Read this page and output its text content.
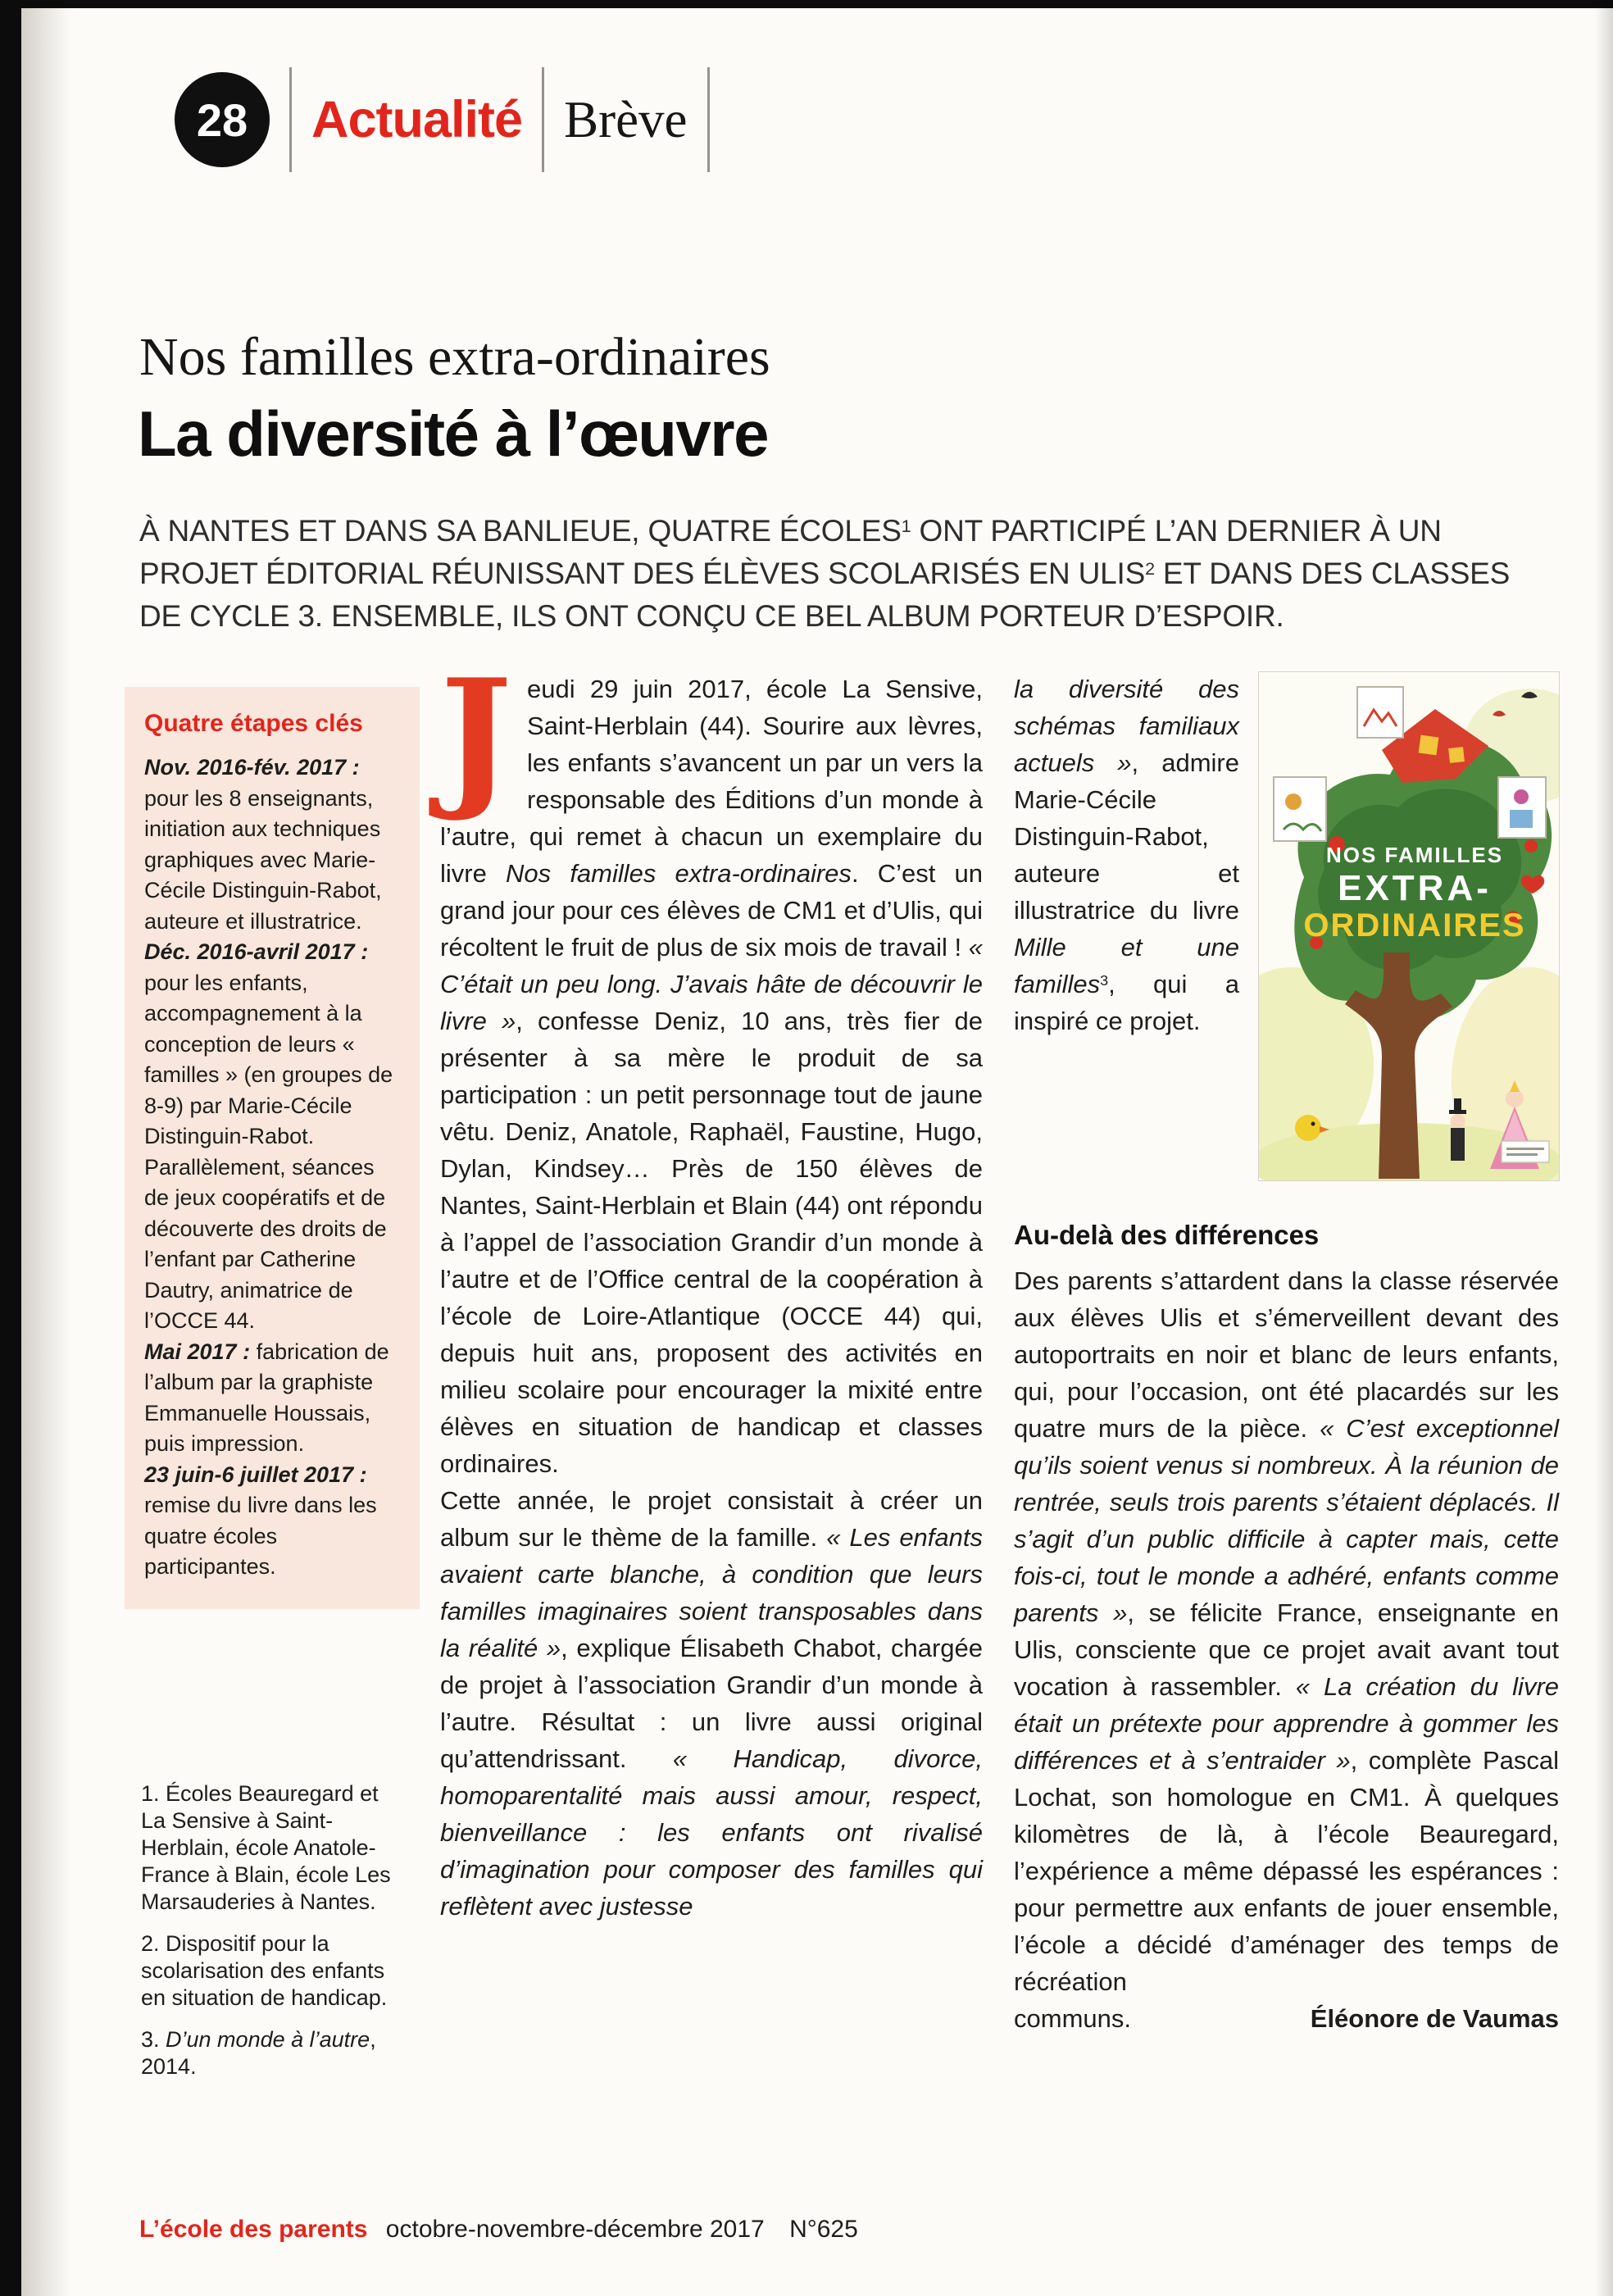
28 Actualité Brève
Nos familles extra-ordinaires
La diversité à l’œuvre

À NANTES ET DANS SA BANLIEUE, QUATRE ÉCOLES$^1$ ONT PARTICIPÉ L’AN DERNIER À UN PROJET ÉDITORIAL RÉUNISSANT DES ÉLÈVES SCOLARISÉS EN ULIS$^2$ ET DANS DES CLASSES DE CYCLE 3. ENSEMBLE, ILS ONT CONÇU CE BEL ALBUM PORTEUR D’ESPOIR.

Quatre étapes clés

Nov. 2016-fév. 2017 : pour les 8 enseignants, initiation aux techniques graphiques avec Marie-Cécile Distinguin-Rabot, auteure et illustratrice.

Déc. 2016-avril 2017 : pour les enfants, accompagnement à la conception de leurs « familles » (en groupes de 8-9) par Marie-Cécile Distinguin-Rabot. Parallèlement, séances de jeux coopératifs et de découverte des droits de l’enfant par Catherine Dautry, animatrice de l’OCCE 44.

Mai 2017 : fabrication de l’album par la graphiste Emmanuelle Houssais, puis impression.

23 juin-6 juillet 2017 : remise du livre dans les quatre écoles participantes.

1. Écoles Beauregard et La Sensive à Saint-Herblain, école Anatole-France à Blain, école Les Marsauderies à Nantes.

2. Dispositif pour la scolarisation des enfants en situation de handicap.

3. D’un monde à l’autre, 2014.

J eudi 29 juin 2017, école La Sensive, Saint-Herblain (44). Sourire aux lèvres, les enfants s’avancent un par un vers la responsable des Éditions d’un monde à l’autre, qui remet à chacun un exemplaire du livre Nos familles extra-ordinaires. C’est un grand jour pour ces élèves de CM1 et d’Ulis, qui récoltent le fruit de plus de six mois de travail ! « C’était un peu long. J’avais hâte de découvrir le livre », confesse Deniz, 10 ans, très fier de présenter à sa mère le produit de sa participation : un petit personnage tout de jaune vêtu. Deniz, Anatole, Raphaël, Faustine, Hugo, Dylan, Kindsey… Près de 150 élèves de Nantes, Saint-Herblain et Blain (44) ont répondu à l’appel de l’association Grandir d’un monde à l’autre et de l’Office central de la coopération à l’école de Loire-Atlantique (OCCE 44) qui, depuis huit ans, proposent des activités en milieu scolaire pour encourager la mixité entre élèves en situation de handicap et classes ordinaires.

Cette année, le projet consistait à créer un album sur le thème de la famille. « Les enfants avaient carte blanche, à condition que leurs familles imaginaires soient transposables dans la réalité », explique Élisabeth Chabot, chargée de projet à l’association Grandir d’un monde à l’autre. Résultat : un livre aussi original qu’attendrissant. « Handicap, divorce, homoparentalité mais aussi amour, respect, bienveillance : les enfants ont rivalisé d’imagination pour composer des familles qui reflètent avec justesse

NOS FAMILLES
EXTRA-
ORDINAIRES

la diversité des schémas familiaux actuels », admire Marie-Cécile Distinguin-Rabot, auteure et illustratrice du livre Mille et une familles$^3$, qui a inspiré ce projet.

Au-delà des différences

Des parents s’attardent dans la classe réservée aux élèves Ulis et s’émerveillent devant des autoportraits en noir et blanc de leurs enfants, qui, pour l’occasion, ont été placardés sur les quatre murs de la pièce. « C’est exceptionnel qu’ils soient venus si nombreux. À la réunion de rentrée, seuls trois parents s’étaient déplacés. Il s’agit d’un public difficile à capter mais, cette fois-ci, tout le monde a adhéré, enfants comme parents », se félicite France, enseignante en Ulis, consciente que ce projet avait avant tout vocation à rassembler. « La création du livre était un prétexte pour apprendre à gommer les différences et à s’entraider », complète Pascal Lochat, son homologue en CM1. À quelques kilomètres de là, à l’école Beauregard, l’expérience a même dépassé les espérances : pour permettre aux enfants de jouer ensemble, l’école a décidé d’aménager des temps de récréation

communs.	Éléonore de Vaumas
L’école des parents octobre-novembre-décembre 2017 N°625
